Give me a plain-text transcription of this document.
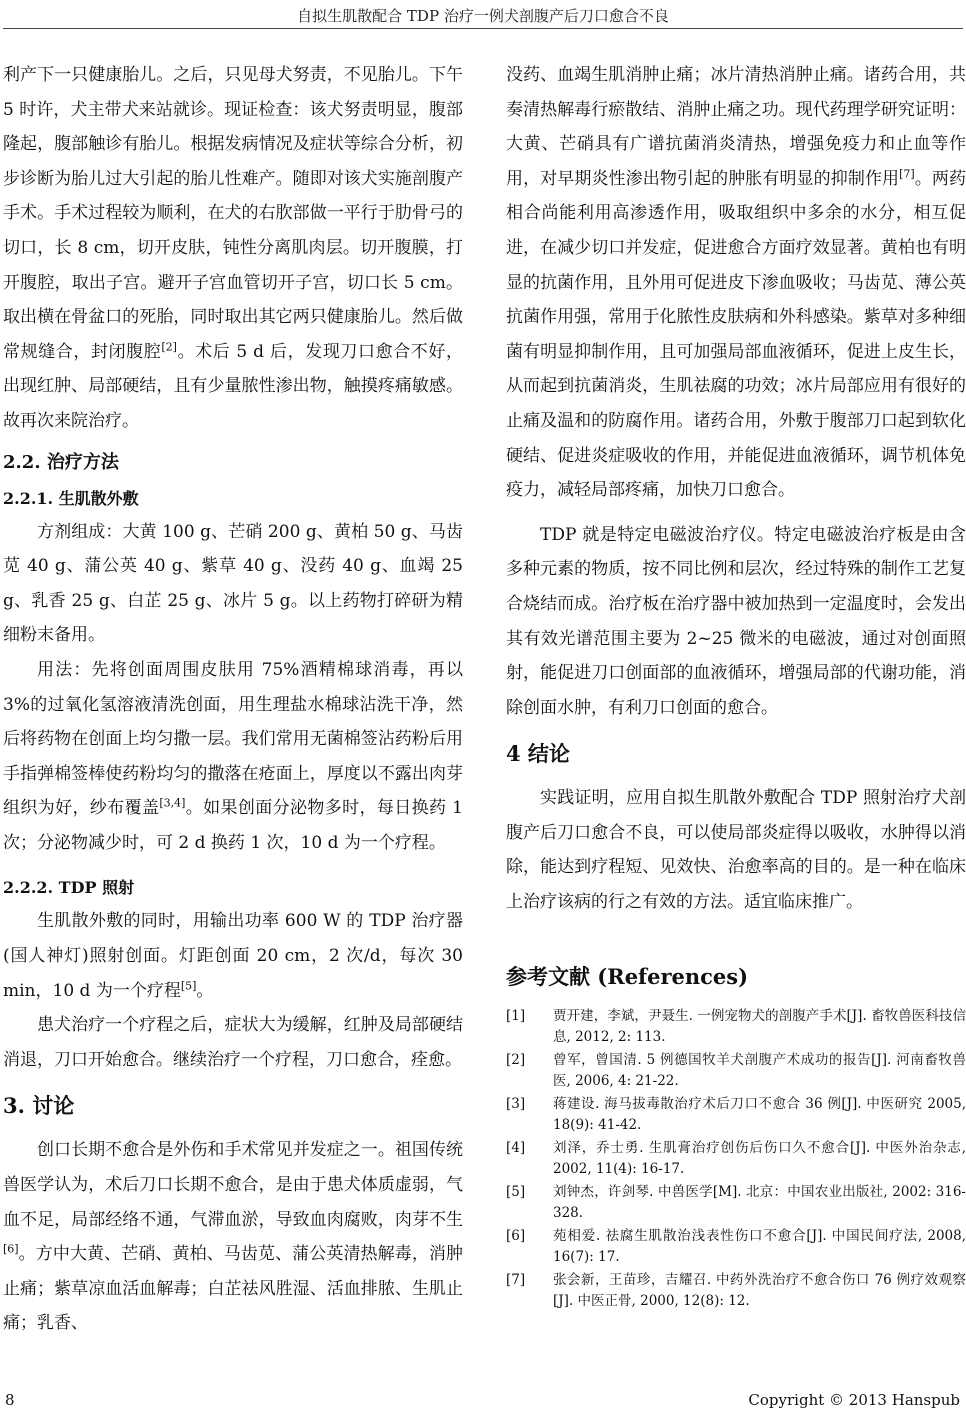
自拟生肌散配合 TDP 治疗一例犬剖腹产后刀口愈合不良

利产下一只健康胎儿。之后，只见母犬努责，不见胎儿。下午 5 时许，犬主带犬来站就诊。现证检查：该犬努责明显，腹部隆起，腹部触诊有胎儿。根据发病情况及症状等综合分析，初步诊断为胎儿过大引起的胎儿性难产。随即对该犬实施剖腹产手术。手术过程较为顺利，在犬的右肷部做一平行于肋骨弓的切口，长 8 cm，切开皮肤，钝性分离肌肉层。切开腹膜，打开腹腔，取出子宫。避开子宫血管切开子宫，切口长 5 cm。取出横在骨盆口的死胎，同时取出其它两只健康胎儿。然后做常规缝合，封闭腹腔[2]。术后 5 d 后，发现刀口愈合不好，出现红肿、局部硬结，且有少量脓性渗出物，触摸疼痛敏感。故再次来院治疗。

2.2. 治疗方法
2.2.1. 生肌散外敷

方剂组成：大黄 100 g、芒硝 200 g、黄柏 50 g、马齿苋 40 g、蒲公英 40 g、紫草 40 g、没药 40 g、血竭 25 g、乳香 25 g、白芷 25 g、冰片 5 g。以上药物打碎研为精细粉末备用。

用法：先将创面周围皮肤用 75%酒精棉球消毒，再以 3%的过氧化氢溶液清洗创面，用生理盐水棉球沾洗干净，然后将药物在创面上均匀撒一层。我们常用无菌棉签沾药粉后用手指弹棉签棒使药粉均匀的撒落在疮面上，厚度以不露出肉芽组织为好，纱布覆盖[3,4]。如果创面分泌物多时，每日换药 1 次；分泌物减少时，可 2 d 换药 1 次，10 d 为一个疗程。

2.2.2. TDP 照射

生肌散外敷的同时，用输出功率 600 W 的 TDP 治疗器(国人神灯)照射创面。灯距创面 20 cm，2 次/d，每次 30 min，10 d 为一个疗程[5]。

患犬治疗一个疗程之后，症状大为缓解，红肿及局部硬结消退，刀口开始愈合。继续治疗一个疗程，刀口愈合，痊愈。

3. 讨论

创口长期不愈合是外伤和手术常见并发症之一。祖国传统兽医学认为，术后刀口长期不愈合，是由于患犬体质虚弱，气血不足，局部经络不通，气滞血淤，导致血肉腐败，肉芽不生[6]。方中大黄、芒硝、黄柏、马齿苋、蒲公英清热解毒，消肿止痛；紫草凉血活血解毒；白芷祛风胜湿、活血排脓、生肌止痛；乳香、

没药、血竭生肌消肿止痛；冰片清热消肿止痛。诸药合用，共奏清热解毒行瘀散结、消肿止痛之功。现代药理学研究证明：大黄、芒硝具有广谱抗菌消炎清热，增强免疫力和止血等作用，对早期炎性渗出物引起的肿胀有明显的抑制作用[7]。两药相合尚能利用高渗透作用，吸取组织中多余的水分，相互促进，在减少切口并发症，促进愈合方面疗效显著。黄柏也有明显的抗菌作用，且外用可促进皮下渗血吸收；马齿苋、薄公英抗菌作用强，常用于化脓性皮肤病和外科感染。紫草对多种细菌有明显抑制作用，且可加强局部血液循环，促进上皮生长，从而起到抗菌消炎，生肌祛腐的功效；冰片局部应用有很好的止痛及温和的防腐作用。诸药合用，外敷于腹部刀口起到软化硬结、促进炎症吸收的作用，并能促进血液循环，调节机体免疫力，减轻局部疼痛，加快刀口愈合。

TDP 就是特定电磁波治疗仪。特定电磁波治疗板是由含多种元素的物质，按不同比例和层次，经过特殊的制作工艺复合烧结而成。治疗板在治疗器中被加热到一定温度时，会发出其有效光谱范围主要为 2~25 微米的电磁波，通过对创面照射，能促进刀口创面部的血液循环，增强局部的代谢功能，消除创面水肿，有利刀口创面的愈合。

4 结论

实践证明，应用自拟生肌散外敷配合 TDP 照射治疗犬剖腹产后刀口愈合不良，可以使局部炎症得以吸收，水肿得以消除，能达到疗程短、见效快、治愈率高的目的。是一种在临床上治疗该病的行之有效的方法。适宜临床推广。

参考文献 (References)
[1]	贾开建，李斌，尹聂生. 一例宠物犬的剖腹产手术[J]. 畜牧兽医科技信息, 2012, 2: 113.
[2]	曾军，曾国清. 5 例德国牧羊犬剖腹产术成功的报告[J]. 河南畜牧兽医, 2006, 4: 21-22.
[3]	蒋建设. 海马拔毒散治疗术后刀口不愈合 36 例[J]. 中医研究 2005, 18(9): 41-42.
[4]	刘泽，乔士勇. 生肌膏治疗创伤后伤口久不愈合[J]. 中医外治杂志, 2002, 11(4): 16-17.
[5]	刘钟杰，许剑琴. 中兽医学[M]. 北京：中国农业出版社, 2002: 316-328.
[6]	苑相爱. 祛腐生肌散治浅表性伤口不愈合[J]. 中国民间疗法, 2008, 16(7): 17.
[7]	张会新，王苗珍，吉耀召. 中药外洗治疗不愈合伤口 76 例疗效观察[J]. 中医正骨, 2000, 12(8): 12.
8	Copyright © 2013 Hanspub
